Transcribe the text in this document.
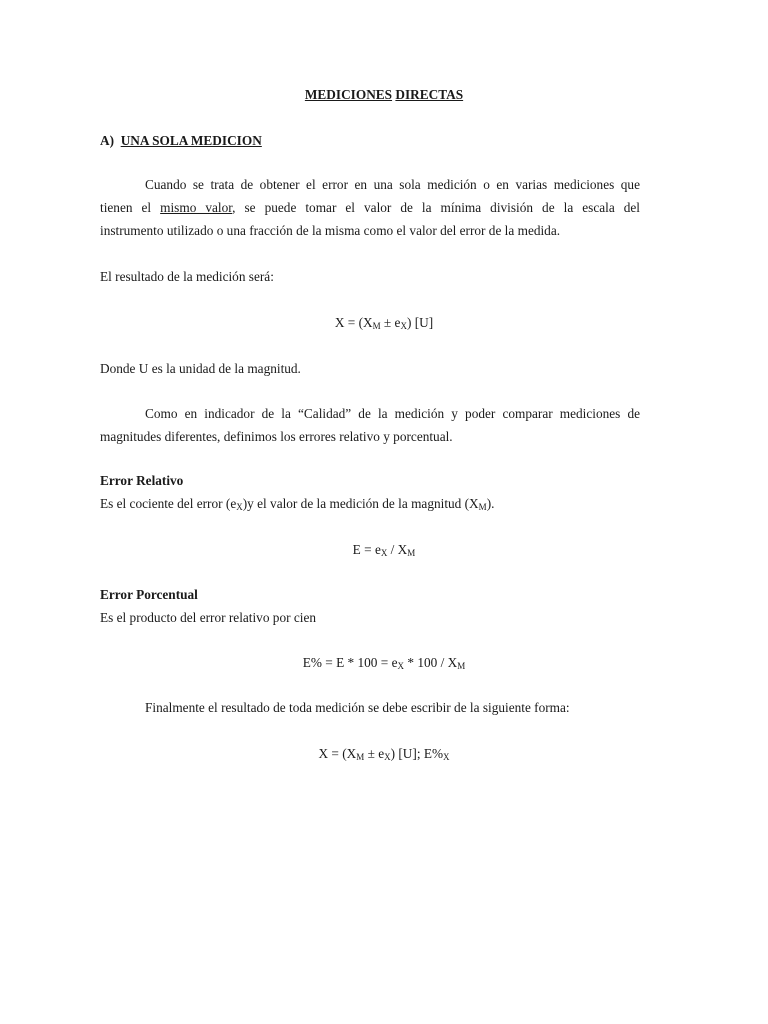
MEDICIONES DIRECTAS
A) UNA SOLA MEDICION
Cuando se trata de obtener el error en una sola medición o en varias mediciones que
tienen el mismo valor, se puede tomar el valor de la mínima división de la escala del
instrumento utilizado o una fracción de la misma como el valor del error de la medida.
El resultado de la medición será:
$X = (X_M \pm e_X)$ [U]
Donde U es la unidad de la magnitud.
Como en indicador de la “Calidad” de la medición y poder comparar mediciones de
magnitudes diferentes, definimos los errores relativo y porcentual.
Error Relativo
Es el cociente del error $(e_X)y$ el valor de la medición de la magnitud $(X_M)$.
$E = e_X / X_M$
Error Porcentual
Es el producto del error relativo por cien
$E\% = E * 100 = e_X * 100 / X_M$
Finalmente el resultado de toda medición se debe escribir de la siguiente forma:
$X = (X_M \pm e_X)$ [U]; $E\%_X$
